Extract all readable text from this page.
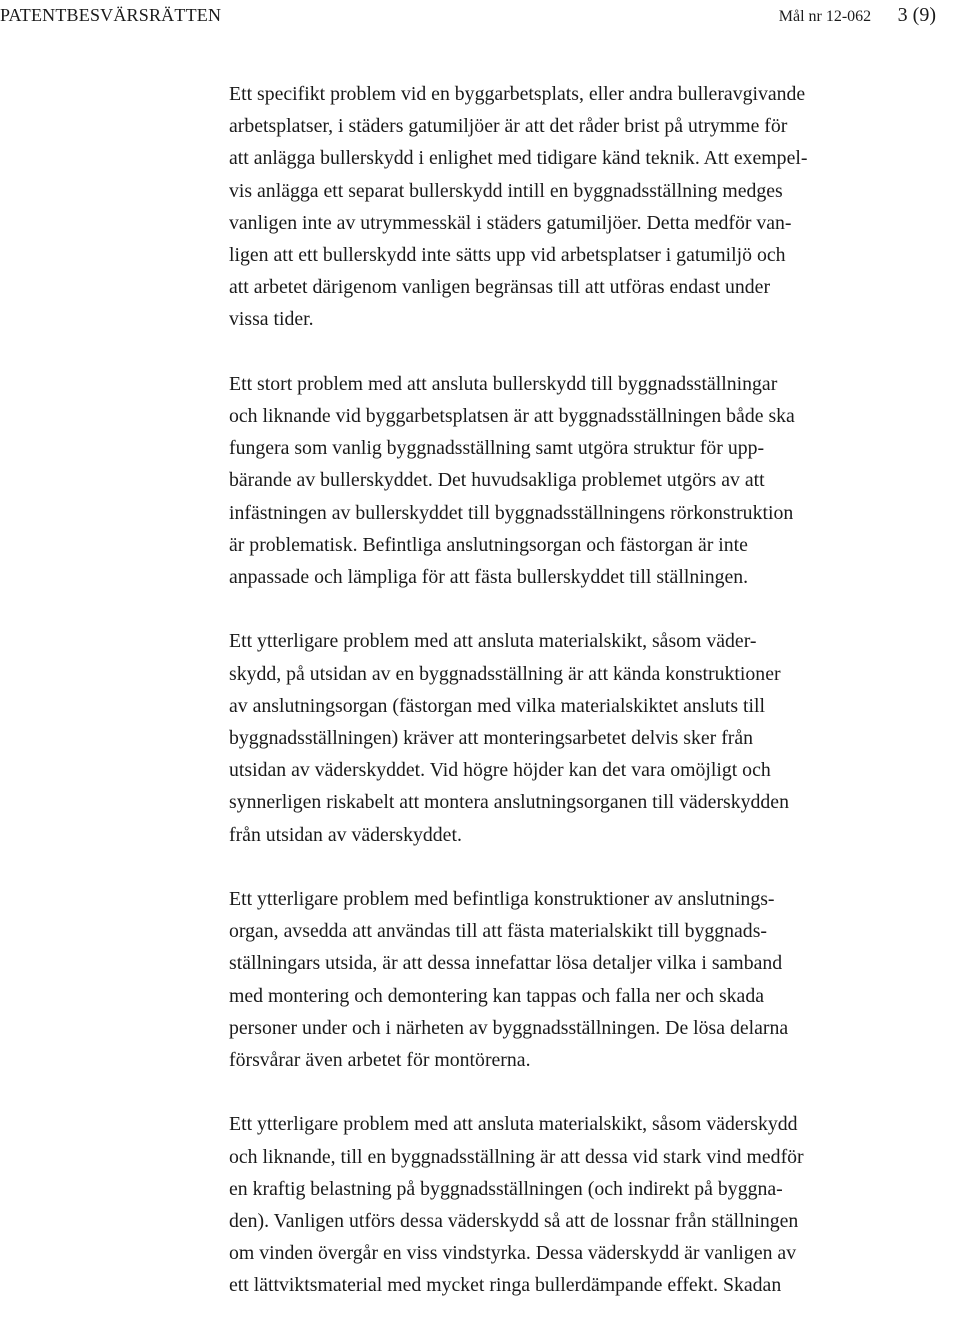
PATENTBESVÄRSRÄTTEN	Mål nr 12-062 3 (9)

Ett specifikt problem vid en byggarbetsplats, eller andra bulleravgivande
arbetsplatser, i städers gatumiljöer är att det råder brist på utrymme för
att anlägga bullerskydd i enlighet med tidigare känd teknik. Att exempel-
vis anlägga ett separat bullerskydd intill en byggnadsställning medges
vanligen inte av utrymmesskäl i städers gatumiljöer. Detta medför van-
ligen att ett bullerskydd inte sätts upp vid arbetsplatser i gatumiljö och
att arbetet därigenom vanligen begränsas till att utföras endast under
vissa tider.

Ett stort problem med att ansluta bullerskydd till byggnadsställningar
och liknande vid byggarbetsplatsen är att byggnadsställningen både ska
fungera som vanlig byggnadsställning samt utgöra struktur för upp-
bärande av bullerskyddet. Det huvudsakliga problemet utgörs av att
infästningen av bullerskyddet till byggnadsställningens rörkonstruktion
är problematisk. Befintliga anslutningsorgan och fästorgan är inte
anpassade och lämpliga för att fästa bullerskyddet till ställningen.

Ett ytterligare problem med att ansluta materialskikt, såsom väder-
skydd, på utsidan av en byggnadsställning är att kända konstruktioner
av anslutningsorgan (fästorgan med vilka materialskiktet ansluts till
byggnadsställningen) kräver att monteringsarbetet delvis sker från
utsidan av väderskyddet. Vid högre höjder kan det vara omöjligt och
synnerligen riskabelt att montera anslutningsorganen till väderskydden
från utsidan av väderskyddet.

Ett ytterligare problem med befintliga konstruktioner av anslutnings-
organ, avsedda att användas till att fästa materialskikt till byggnads-
ställningars utsida, är att dessa innefattar lösa detaljer vilka i samband
med montering och demontering kan tappas och falla ner och skada
personer under och i närheten av byggnadsställningen. De lösa delarna
försvårar även arbetet för montörerna.

Ett ytterligare problem med att ansluta materialskikt, såsom väderskydd
och liknande, till en byggnadsställning är att dessa vid stark vind medför
en kraftig belastning på byggnadsställningen (och indirekt på byggna-
den). Vanligen utförs dessa väderskydd så att de lossnar från ställningen
om vinden övergår en viss vindstyrka. Dessa väderskydd är vanligen av
ett lättviktsmaterial med mycket ringa bullerdämpande effekt. Skadan
